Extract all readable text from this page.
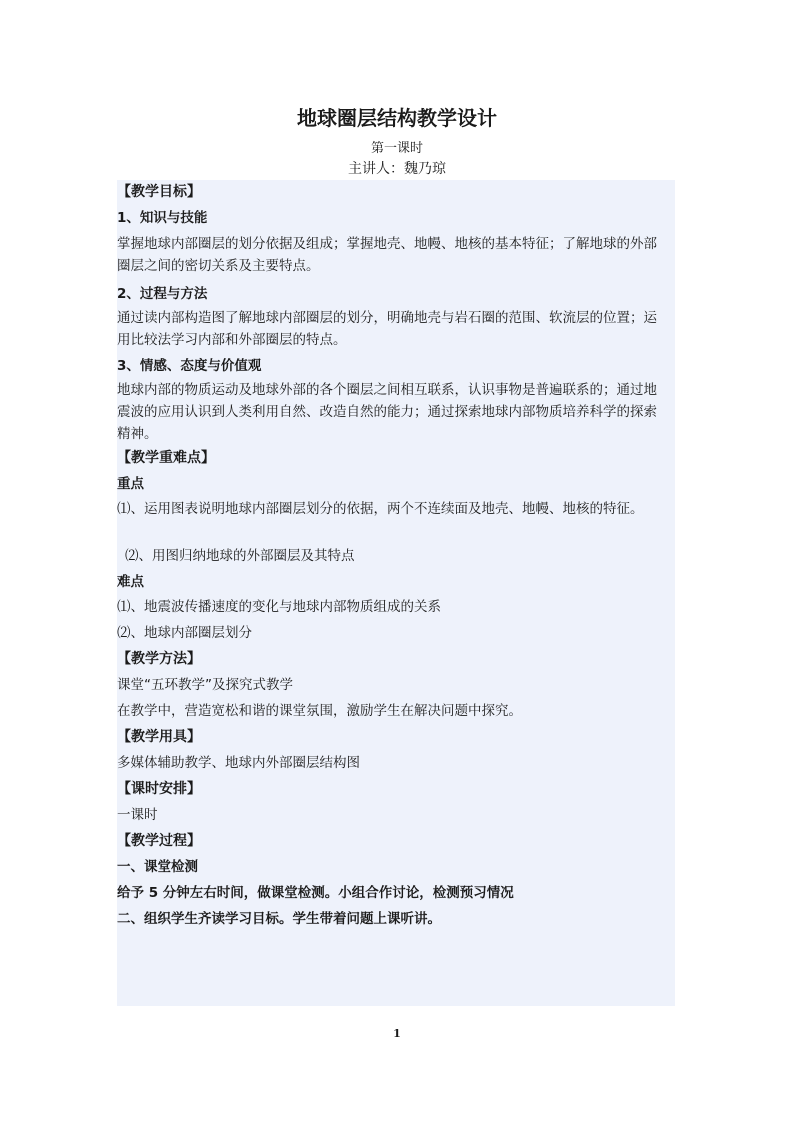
地球圈层结构教学设计
第一课时
主讲人：魏乃琼
【教学目标】
1、知识与技能
掌握地球内部圈层的划分依据及组成；掌握地壳、地幔、地核的基本特征；了解地球的外部圈层之间的密切关系及主要特点。
2、过程与方法
通过读内部构造图了解地球内部圈层的划分，明确地壳与岩石圈的范围、软流层的位置；运用比较法学习内部和外部圈层的特点。
3、情感、态度与价值观
地球内部的物质运动及地球外部的各个圈层之间相互联系，认识事物是普遍联系的；通过地震波的应用认识到人类利用自然、改造自然的能力；通过探索地球内部物质培养科学的探索精神。
【教学重难点】
重点
⑴、运用图表说明地球内部圈层划分的依据，两个不连续面及地壳、地幔、地核的特征。
⑵、用图归纳地球的外部圈层及其特点
难点
⑴、地震波传播速度的变化与地球内部物质组成的关系
⑵、地球内部圈层划分
【教学方法】
课堂“五环教学”及探究式教学
在教学中，营造宽松和谐的课堂氛围，激励学生在解决问题中探究。
【教学用具】
多媒体辅助教学、地球内外部圈层结构图
【课时安排】
一课时
【教学过程】
一、课堂检测
给予 5 分钟左右时间，做课堂检测。小组合作讨论，检测预习情况
二、组织学生齐读学习目标。学生带着问题上课听讲。
1
